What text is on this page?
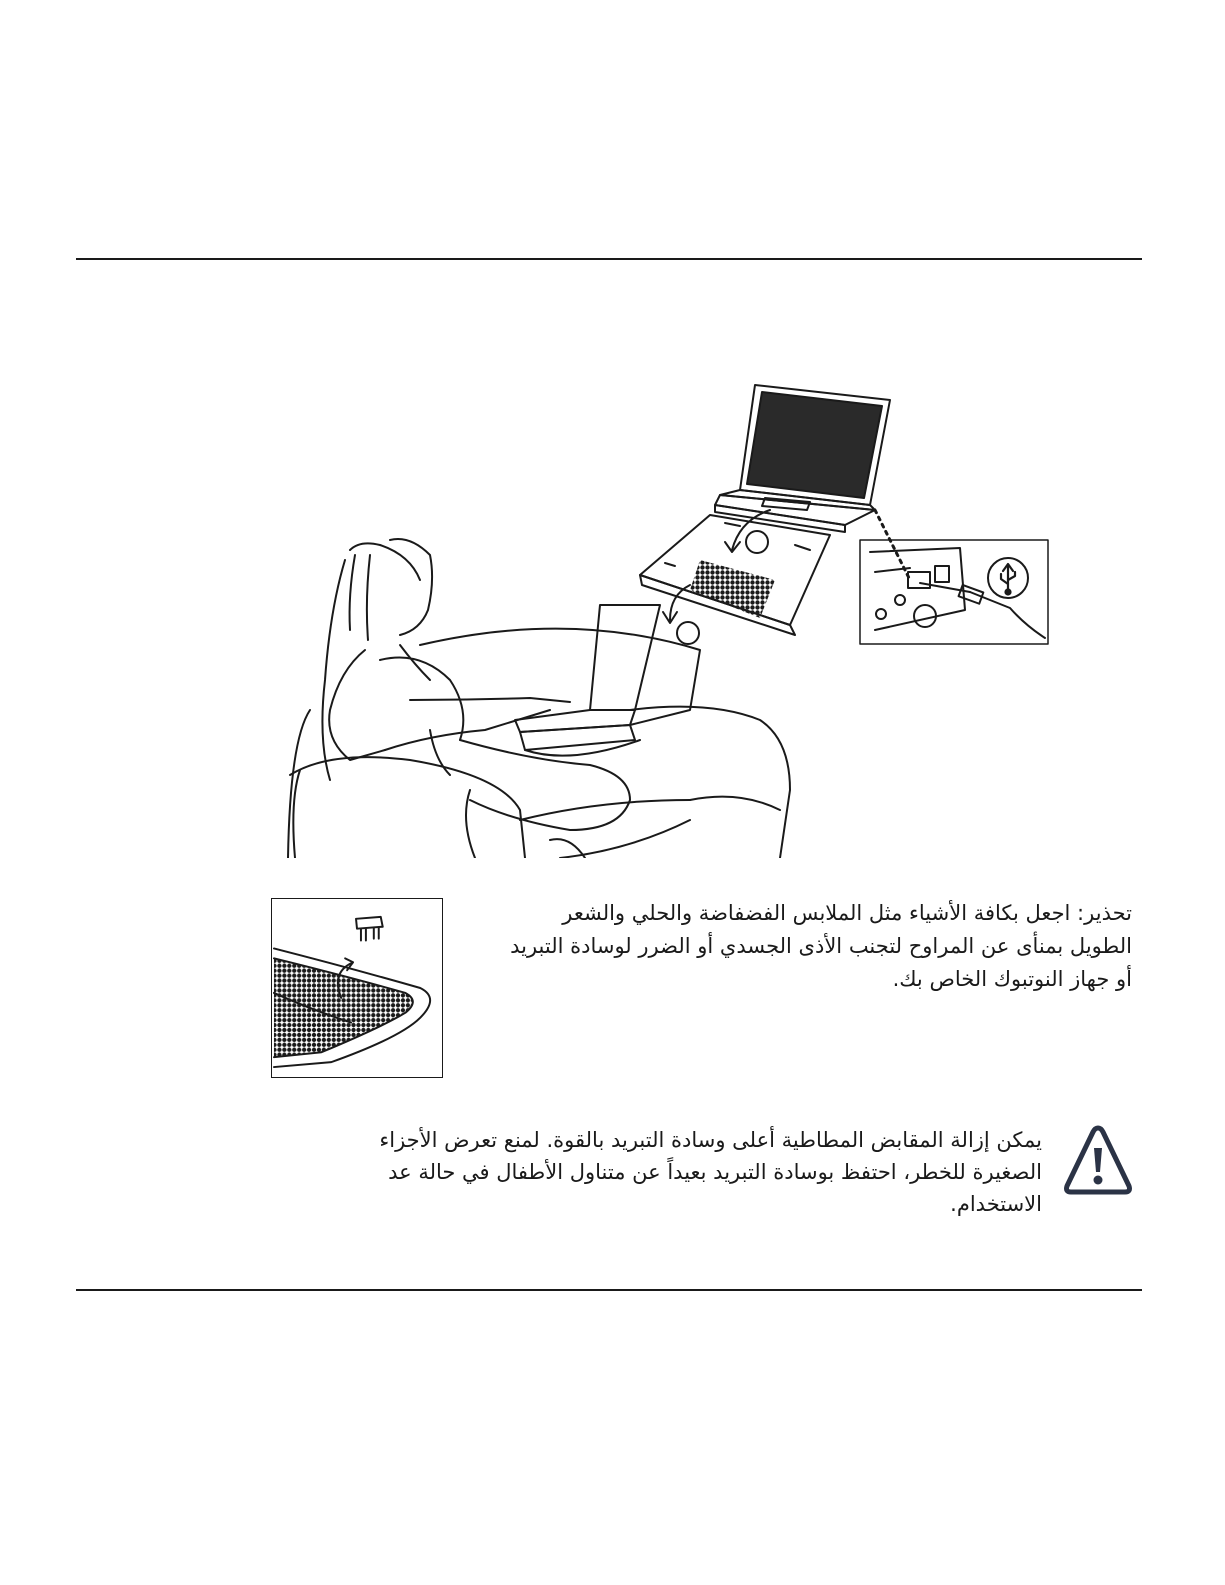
تحذير: اجعل بكافة الأشياء مثل الملابس الفضفاضة والحلي والشعر
الطويل بمنأى عن المراوح لتجنب الأذى الجسدي أو الضرر لوسادة التبريد
أو جهاز النوتبوك الخاص بك.
يمكن إزالة المقابض المطاطية أعلى وسادة التبريد بالقوة. لمنع تعرض الأجزاء
الصغيرة للخطر، احتفظ بوسادة التبريد بعيداً عن متناول الأطفال في حالة عد
الاستخدام.
